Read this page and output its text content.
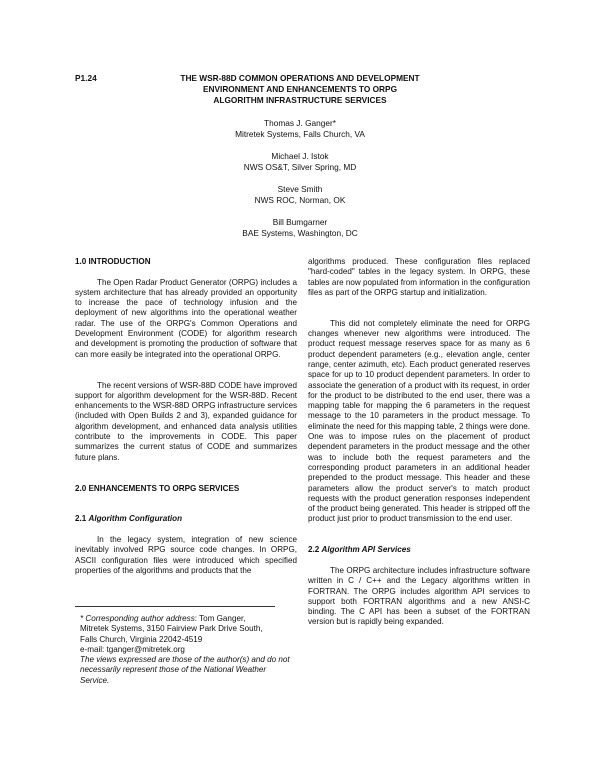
P1.24	THE WSR-88D COMMON OPERATIONS AND DEVELOPMENT
ENVIRONMENT AND ENHANCEMENTS TO ORPG
ALGORITHM INFRASTRUCTURE SERVICES
Thomas J. Ganger*
Mitretek Systems, Falls Church, VA
Michael J. Istok
NWS OS&T, Silver Spring, MD
Steve Smith
NWS ROC, Norman, OK
Bill Bumgarner
BAE Systems, Washington, DC
1.0 INTRODUCTION

The Open Radar Product Generator (ORPG) includes a system architecture that has already provided an opportunity to increase the pace of technology infusion and the deployment of new algorithms into the operational weather radar. The use of the ORPG's Common Operations and Development Environment (CODE) for algorithm research and development is promoting the production of software that can more easily be integrated into the operational ORPG.

The recent versions of WSR-88D CODE have improved support for algorithm development for the WSR-88D. Recent enhancements to the WSR-88D ORPG infrastructure services (included with Open Builds 2 and 3), expanded guidance for algorithm development, and enhanced data analysis utilities contribute to the improvements in CODE. This paper summarizes the current status of CODE and summarizes future plans.

2.0 ENHANCEMENTS TO ORPG SERVICES
2.1 Algorithm Configuration

In the legacy system, integration of new science inevitably involved RPG source code changes. In ORPG, ASCII configuration files were introduced which specified properties of the algorithms and products that the

* Corresponding author address: Tom Ganger,
Mitretek Systems, 3150 Fairview Park Drive South,
Falls Church, Virginia 22042-4519
e-mail: tganger@mitretek.org
The views expressed are those of the author(s) and do not necessarily represent those of the National Weather Service.

algorithms produced. These configuration files replaced "hard-coded" tables in the legacy system. In ORPG, these tables are now populated from information in the configuration files as part of the ORPG startup and initialization.

This did not completely eliminate the need for ORPG changes whenever new algorithms were introduced. The product request message reserves space for as many as 6 product dependent parameters (e.g., elevation angle, center range, center azimuth, etc). Each product generated reserves space for up to 10 product dependent parameters. In order to associate the generation of a product with its request, in order for the product to be distributed to the end user, there was a mapping table for mapping the 6 parameters in the request message to the 10 parameters in the product message. To eliminate the need for this mapping table, 2 things were done. One was to impose rules on the placement of product dependent parameters in the product message and the other was to include both the request parameters and the corresponding product parameters in an additional header prepended to the product message. This header and these parameters allow the product server's to match product requests with the product generation responses independent of the product being generated. This header is stripped off the product just prior to product transmission to the end user.

2.2 Algorithm API Services

The ORPG architecture includes infrastructure software written in C / C++ and the Legacy algorithms written in FORTRAN. The ORPG includes algorithm API services to support both FORTRAN algorithms and a new ANSI-C binding. The C API has been a subset of the FORTRAN version but is rapidly being expanded.
